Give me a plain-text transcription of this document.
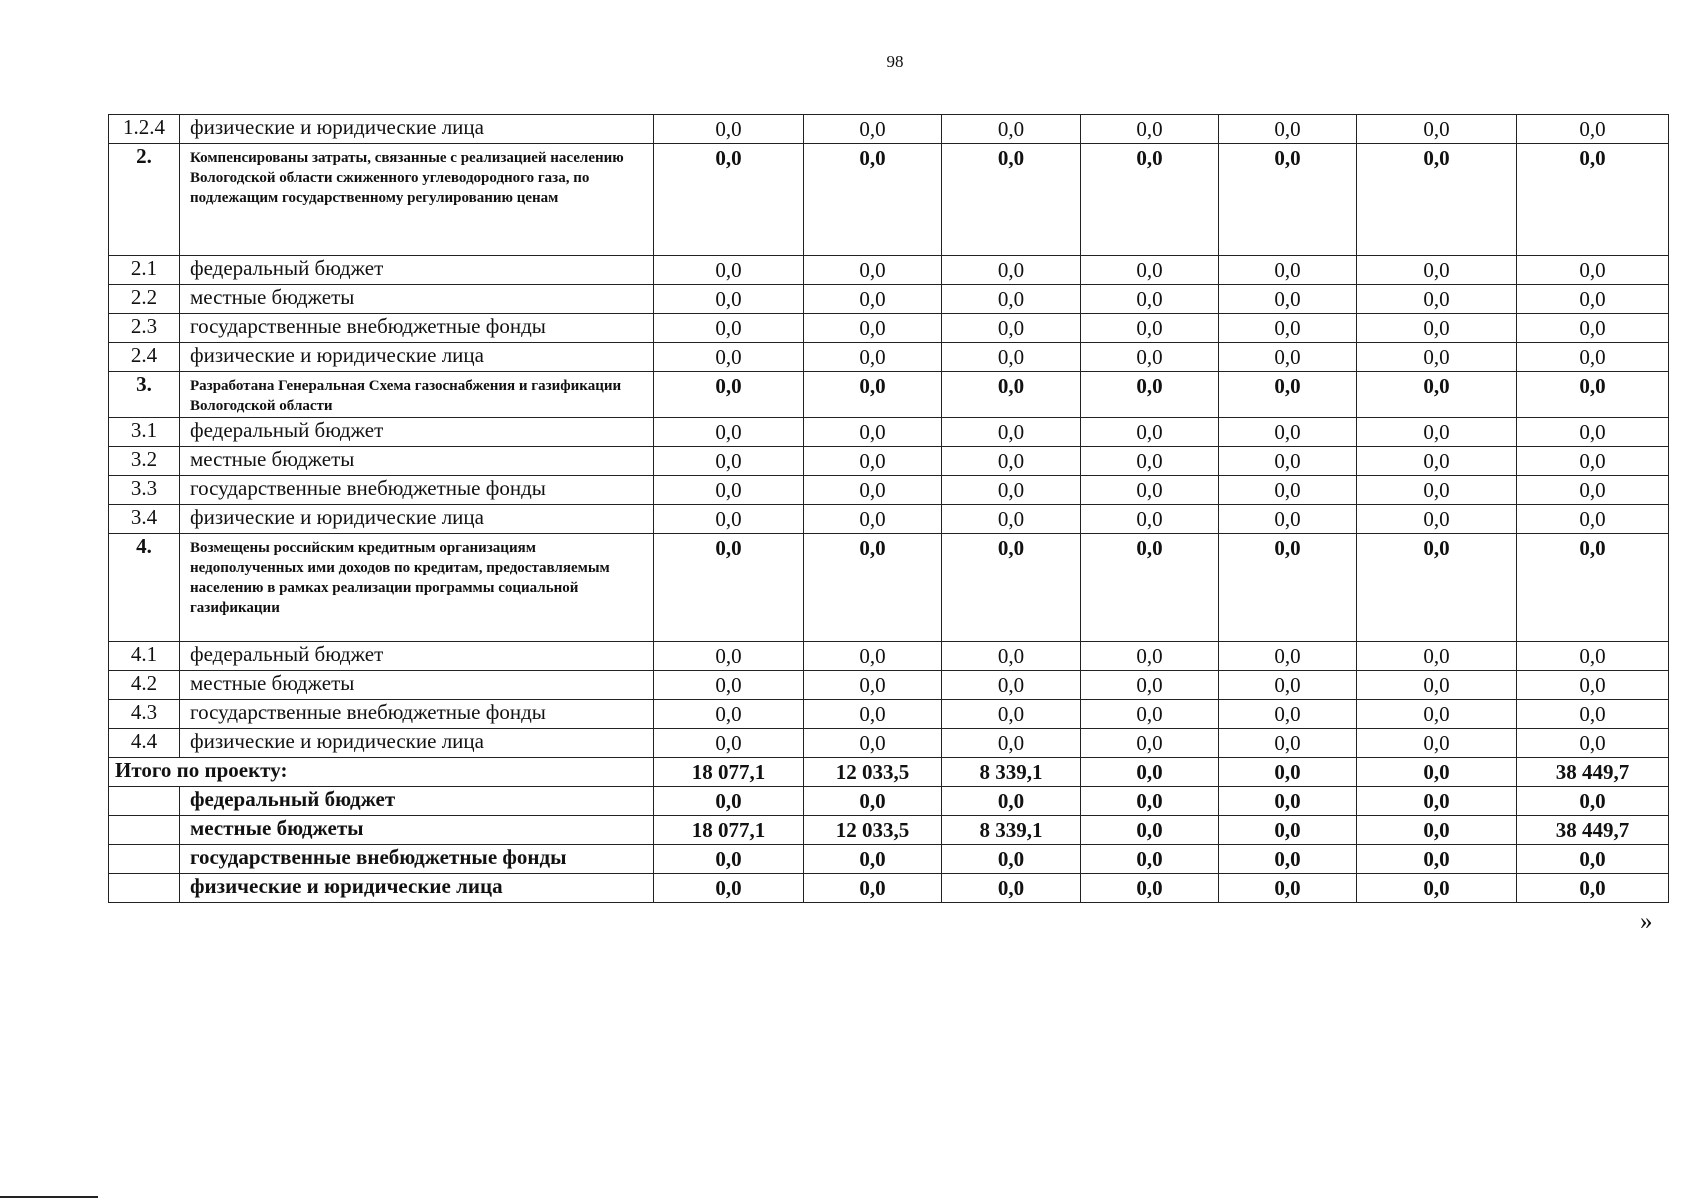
98
1.2.4	физические и юридические лица	0,0	0,0	0,0	0,0	0,0	0,0	0,0
2.	Компенсированы затраты, связанные с реализацией населению Вологодской области сжиженного углеводородного газа, по подлежащим государственному регулированию ценам	0,0	0,0	0,0	0,0	0,0	0,0	0,0
2.1	федеральный бюджет	0,0	0,0	0,0	0,0	0,0	0,0	0,0
2.2	местные бюджеты	0,0	0,0	0,0	0,0	0,0	0,0	0,0
2.3	государственные внебюджетные фонды	0,0	0,0	0,0	0,0	0,0	0,0	0,0
2.4	физические и юридические лица	0,0	0,0	0,0	0,0	0,0	0,0	0,0
3.	Разработана Генеральная Схема газоснабжения и газификации Вологодской области	0,0	0,0	0,0	0,0	0,0	0,0	0,0
3.1	федеральный бюджет	0,0	0,0	0,0	0,0	0,0	0,0	0,0
3.2	местные бюджеты	0,0	0,0	0,0	0,0	0,0	0,0	0,0
3.3	государственные внебюджетные фонды	0,0	0,0	0,0	0,0	0,0	0,0	0,0
3.4	физические и юридические лица	0,0	0,0	0,0	0,0	0,0	0,0	0,0
4.	Возмещены российским кредитным организациям недополученных ими доходов по кредитам, предоставляемым населению в рамках реализации программы социальной газификации	0,0	0,0	0,0	0,0	0,0	0,0	0,0
4.1	федеральный бюджет	0,0	0,0	0,0	0,0	0,0	0,0	0,0
4.2	местные бюджеты	0,0	0,0	0,0	0,0	0,0	0,0	0,0
4.3	государственные внебюджетные фонды	0,0	0,0	0,0	0,0	0,0	0,0	0,0
4.4	физические и юридические лица	0,0	0,0	0,0	0,0	0,0	0,0	0,0
Итого по проекту:		18 077,1	12 033,5	8 339,1	0,0	0,0	0,0	38 449,7
	федеральный бюджет	0,0	0,0	0,0	0,0	0,0	0,0	0,0
	местные бюджеты	18 077,1	12 033,5	8 339,1	0,0	0,0	0,0	38 449,7
	государственные внебюджетные фонды	0,0	0,0	0,0	0,0	0,0	0,0	0,0
	физические и юридические лица	0,0	0,0	0,0	0,0	0,0	0,0	0,0
»
